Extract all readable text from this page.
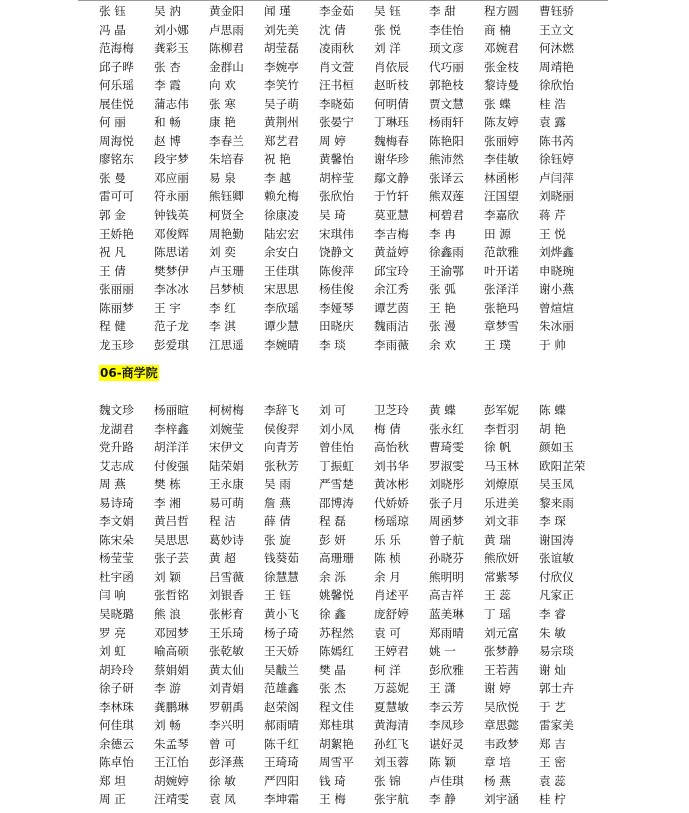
张 钰	吴 汭	黄金阳	闻 瑾	李金茹	吴 钰	李 甜	程方圆	曹钰骄
冯 晶	刘小娜	卢思雨	刘先美	沈 倩	张 悦	李佳怡	商 楠	王立文
范海梅	龚彩玉	陈柳君	胡莹磊	凌雨秋	刘 洋	顼文彦	邓婉君	何沐燃
邱子晔	张 杏	金群山	李婉亭	肖文萱	肖依辰	代巧丽	张金枝	周靖艳
何乐瑶	李 霞	向 欢	李笑竹	汪书桓	赵昕枝	郭艳枝	黎诗曼	徐欣怡
展佳悦	蒲志伟	张 寒	吴子萌	李晓茹	何明倩	贾文慧	张 蝶	桂 浩
何 丽	和 畅	康 艳	黄荆州	张晏宁	丁琳珏	杨雨轩	陈友婷	袁 露
周海悦	赵 博	李春兰	郑艺君	周 婷	魏梅春	陈艳阳	张丽婷	陈书芮
廖铭东	段宇梦	朱培春	祝 艳	黄馨怡	谢华珍	熊沛然	李佳敏	徐钰婷
张 曼	邓应丽	易 泉	李 越	胡梓莹	鄢文静	张译云	林函彬	卢闫萍
雷可可	符永丽	熊钰卿	赖允梅	张欣怡	于竹轩	熊双莲	汪国望	刘晓丽
郭 金	钟钱英	柯贤全	徐康凌	吴 琦	莫亚慧	柯碧君	李嘉欣	蒋 芹
王娇艳	邓俊辉	周艳勤	陆宏宏	宋琪伟	李吉梅	李 冉	田 源	王 悦
祝 凡	陈思诺	刘 奕	余安白	饶静文	黄益婷	徐鑫雨	范歆雅	刘烨鑫
王 倩	樊梦伊	卢玉珊	王佳琪	陈俊萍	邱宝玲	王渝鄂	叶开诺	申晓琬
张丽丽	李冰冰	吕梦桢	宋思思	杨佳俊	余江秀	张 弧	张泽洋	谢小燕
陈丽梦	王 宇	李 红	李欣瑶	李娅琴	谭艺茵	王 艳	张艳玛	曾煊煊
程 健	范子龙	李 淇	谭少慧	田晓庆	魏雨洁	张 漫	章梦雪	朱冰丽
龙玉珍	彭爱琪	江思遥	李婉晴	李 琰	李雨薇	余 欢	王 璞	于 帅
06-商学院
魏文珍	杨丽暄	柯树梅	李辞飞	刘 可	卫芝玲	黄 蝶	彭军妮	陈 蝶
龙湖君	李梓鑫	刘婉莹	侯俊羿	刘小凤	梅 倩	张永红	李哲羽	胡 艳
党升路	胡洋洋	宋伊文	向青芳	曾佳怡	高怡秋	曹琦雯	徐 帆	颜如玉
艾志成	付俊强	陆荣娟	张秋芳	丁振虹	刘书华	罗淑雯	马玉林	欧阳芷荣
周 燕	樊 栋	王永康	吴 雨	严雪楚	黄冰彬	刘晓彤	刘燎原	吴玉凤
易诗琦	李 湘	易可萌	詹 燕	邵博涛	代娇娇	张子月	乐进美	黎来雨
李文娟	黄吕哲	程 洁	薛 倩	程 磊	杨瑶琼	周函梦	刘文菲	李 琛
陈宋朵	吴思思	葛妙诗	张 旋	彭 妍	乐 乐	曾子航	黄 瑞	谢国涛
杨莹莹	张子芸	黄 超	钱葵茹	高珊珊	陈 桢	孙晓芬	熊欣妍	张谊敏
杜宇函	刘 颖	吕雪薇	徐慧慧	余 泺	余 月	熊明明	常紫琴	付欣仪
闫 响	张哲铭	刘银香	王 钰	姚馨悦	肖述平	高吉祥	王 蕊	凡家正
吴晓璐	熊 浪	张彬育	黄小飞	徐 鑫	庞舒婷	蓝美琳	丁 瑶	李 睿
罗 亮	邓园梦	王乐琦	杨子琦	苏程然	袁 可	郑雨晴	刘元富	朱 敏
刘 虹	喻高硕	张乾敏	王天娇	陈嫣红	王婷君	姚 一	张梦静	易宗琰
胡玲玲	蔡娟娟	黄太仙	吴黻兰	樊 晶	柯 洋	彭欣雅	王若茜	谢 灿
徐子研	李 游	刘青娟	范雄鑫	张 杰	万蕊妮	王 潇	谢 婷	郭士卉
李林珠	龚鹏琳	罗朝禹	赵荣阁	程文佳	夏慧敏	李云芳	吴欣悦	于 艺
何佳琪	刘 畅	李兴明	郝雨晴	郑桂琪	黄海清	李凤珍	章思懿	雷家美
余德云	朱孟琴	曾 可	陈千红	胡絮艳	孙红飞	谌好灵	韦政梦	郑 吉
陈卓怡	王江怡	彭泽燕	王琦琦	周雪平	刘玉蓉	陈 颖	章 培	王 密
郑 坦	胡婉婷	徐 敏	严四阳	钱 琦	张 锦	卢佳琪	杨 燕	袁 蕊
周 正	汪靖雯	袁 凤	李坤霜	王 梅	张宇航	李 静	刘宇涵	桂 柠
